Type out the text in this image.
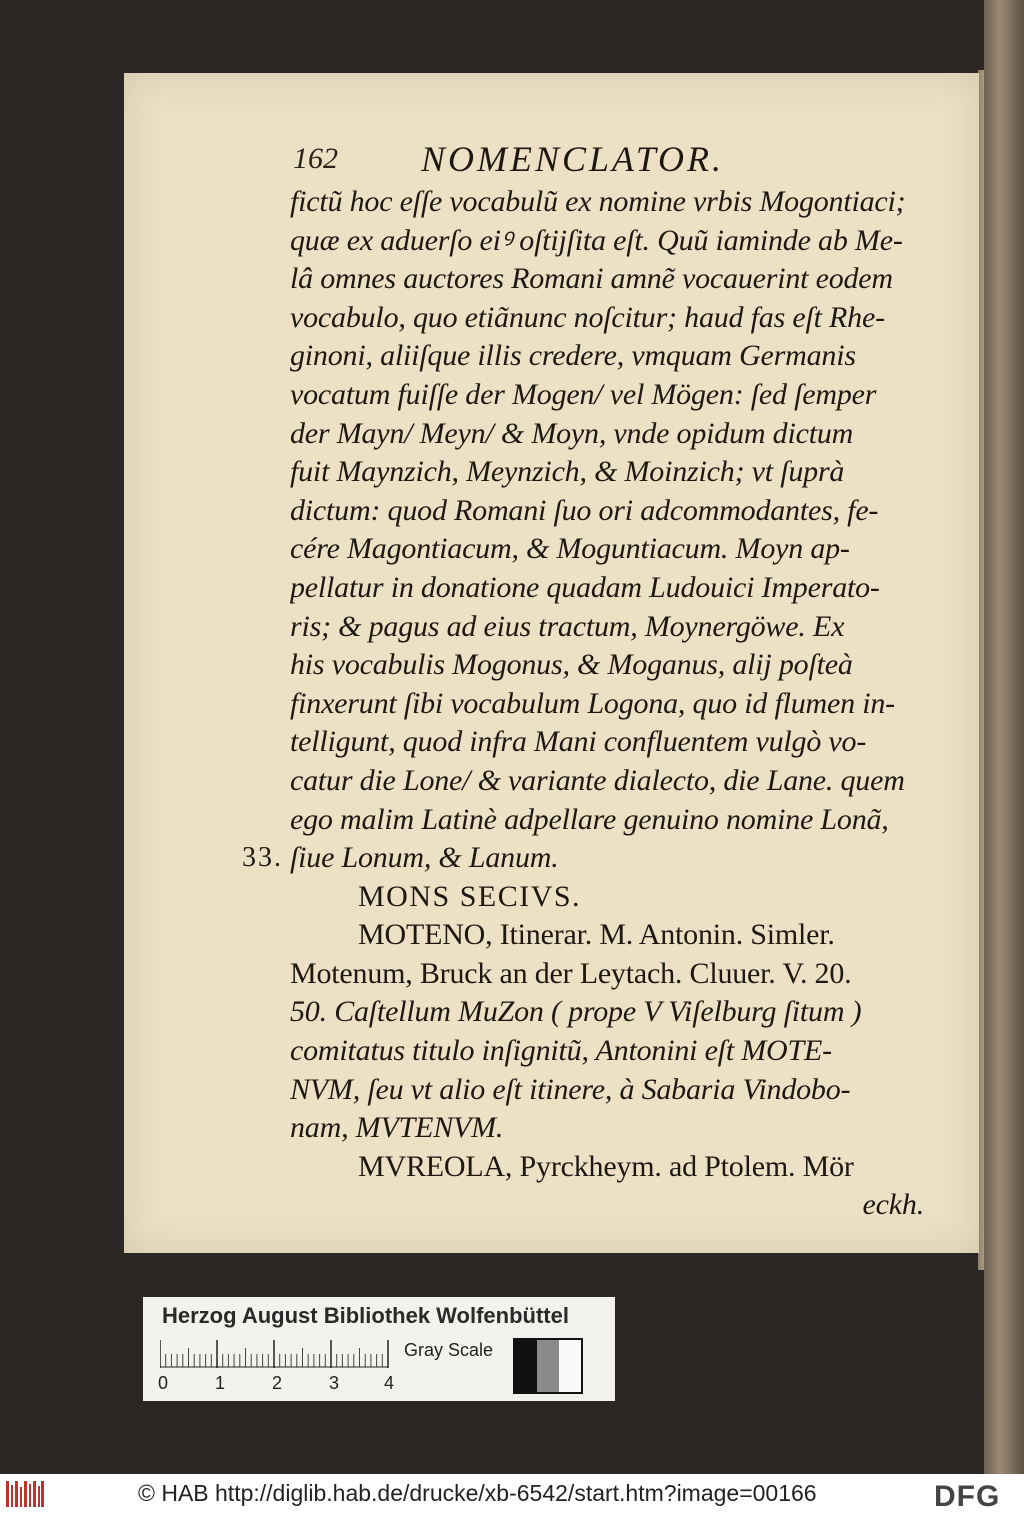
162 NOMENCLATOR.
33.
fictũ hoc eſſe vocabulũ ex nomine vrbis Mogontiaci;
quæ ex aduerſo eiꝰ oſtijſita eſt. Quũ iaminde ab Me-
lâ omnes auctores Romani amnẽ vocauerint eodem
vocabulo, quo etiãnunc noſcitur; haud fas eſt Rhe-
ginoni, aliiſque illis credere, vmquam Germanis
vocatum fuiſſe der Mogen/ vel Mögen: ſed ſemper
der Mayn/ Meyn/ & Moyn, vnde opidum dictum
fuit Maynzich, Meynzich, & Moinzich; vt ſuprà
dictum: quod Romani ſuo ori adcommodantes, fe-
cére Magontiacum, & Moguntiacum. Moyn ap-
pellatur in donatione quadam Ludouici Imperato-
ris; & pagus ad eius tractum, Moynergöwe. Ex
his vocabulis Mogonus, & Moganus, alij poſteà
finxerunt ſibi vocabulum Logona, quo id flumen in-
telligunt, quod infra Mani confluentem vulgò vo-
catur die Lone/ & variante dialecto, die Lane. quem
ego malim Latinè adpellare genuino nomine Lonã,
ſiue Lonum, & Lanum.
MONS SECIVS.
MOTENO, Itinerar. M. Antonin. Simler.
Motenum, Bruck an der Leytach. Cluuer. V. 20.
50. Caſtellum MuZon ( prope V Viſelburg ſitum )
comitatus titulo inſignitũ, Antonini eſt MOTE-
NVM, ſeu vt alio eſt itinere, à Sabaria Vindobo-
nam, MVTENVM.
MVREOLA, Pyrckheym. ad Ptolem. Mör
eckh.
Herzog August Bibliothek Wolfenbüttel
0	1	2	3 4
Gray Scale
© HAB http://diglib.hab.de/drucke/xb-6542/start.htm?image=00166	DFG
